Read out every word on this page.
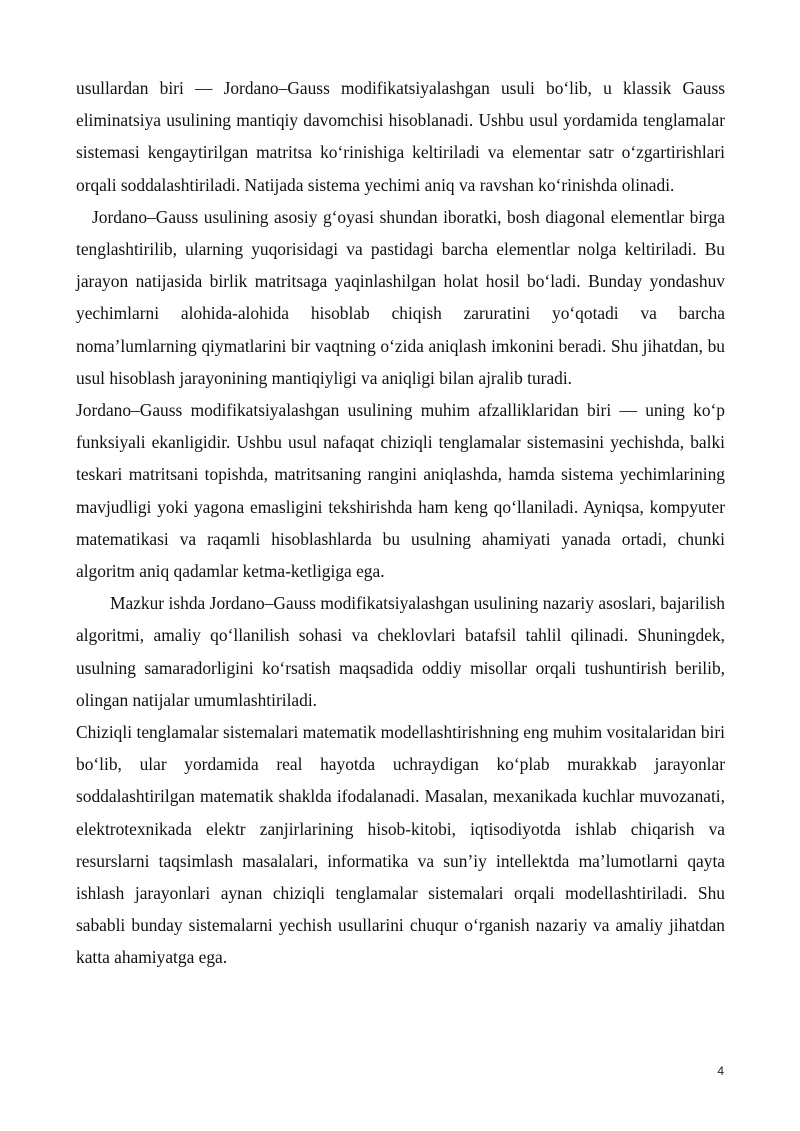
usullardan biri — Jordano–Gauss modifikatsiyalashgan usuli bo‘lib, u klassik Gauss eliminatsiya usulining mantiqiy davomchisi hisoblanadi. Ushbu usul yordamida tenglamalar sistemasi kengaytirilgan matritsa ko‘rinishiga keltiriladi va elementar satr o‘zgartirishlari orqali soddalashtiriladi. Natijada sistema yechimi aniq va ravshan ko‘rinishda olinadi.

Jordano–Gauss usulining asosiy g‘oyasi shundan iboratki, bosh diagonal elementlar birga tenglashtirilib, ularning yuqorisidagi va pastidagi barcha elementlar nolga keltiriladi. Bu jarayon natijasida birlik matritsaga yaqinlashilgan holat hosil bo‘ladi. Bunday yondashuv yechimlarni alohida-alohida hisoblab chiqish zaruratini yo‘qotadi va barcha noma’lumlarning qiymatlarini bir vaqtning o‘zida aniqlash imkonini beradi. Shu jihatdan, bu usul hisoblash jarayonining mantiqiyligi va aniqligi bilan ajralib turadi.

Jordano–Gauss modifikatsiyalashgan usulining muhim afzalliklaridan biri — uning ko‘p funksiyali ekanligidir. Ushbu usul nafaqat chiziqli tenglamalar sistemasini yechishda, balki teskari matritsani topishda, matritsaning rangini aniqlashda, hamda sistema yechimlarining mavjudligi yoki yagona emasligini tekshirishda ham keng qo‘llaniladi. Ayniqsa, kompyuter matematikasi va raqamli hisoblashlarda bu usulning ahamiyati yanada ortadi, chunki algoritm aniq qadamlar ketma-ketligiga ega.

Mazkur ishda Jordano–Gauss modifikatsiyalashgan usulining nazariy asoslari, bajarilish algoritmi, amaliy qo‘llanilish sohasi va cheklovlari batafsil tahlil qilinadi. Shuningdek, usulning samaradorligini ko‘rsatish maqsadida oddiy misollar orqali tushuntirish berilib, olingan natijalar umumlashtiriladi.

Chiziqli tenglamalar sistemalari matematik modellashtirishning eng muhim vositalaridan biri bo‘lib, ular yordamida real hayotda uchraydigan ko‘plab murakkab jarayonlar soddalashtirilgan matematik shaklda ifodalanadi. Masalan, mexanikada kuchlar muvozanati, elektrotexnikada elektr zanjirlarining hisob-kitobi, iqtisodiyotda ishlab chiqarish va resurslarni taqsimlash masalalari, informatika va sun’iy intellektda ma’lumotlarni qayta ishlash jarayonlari aynan chiziqli tenglamalar sistemalari orqali modellashtiriladi. Shu sababli bunday sistemalarni yechish usullarini chuqur o‘rganish nazariy va amaliy jihatdan katta ahamiyatga ega.

4
